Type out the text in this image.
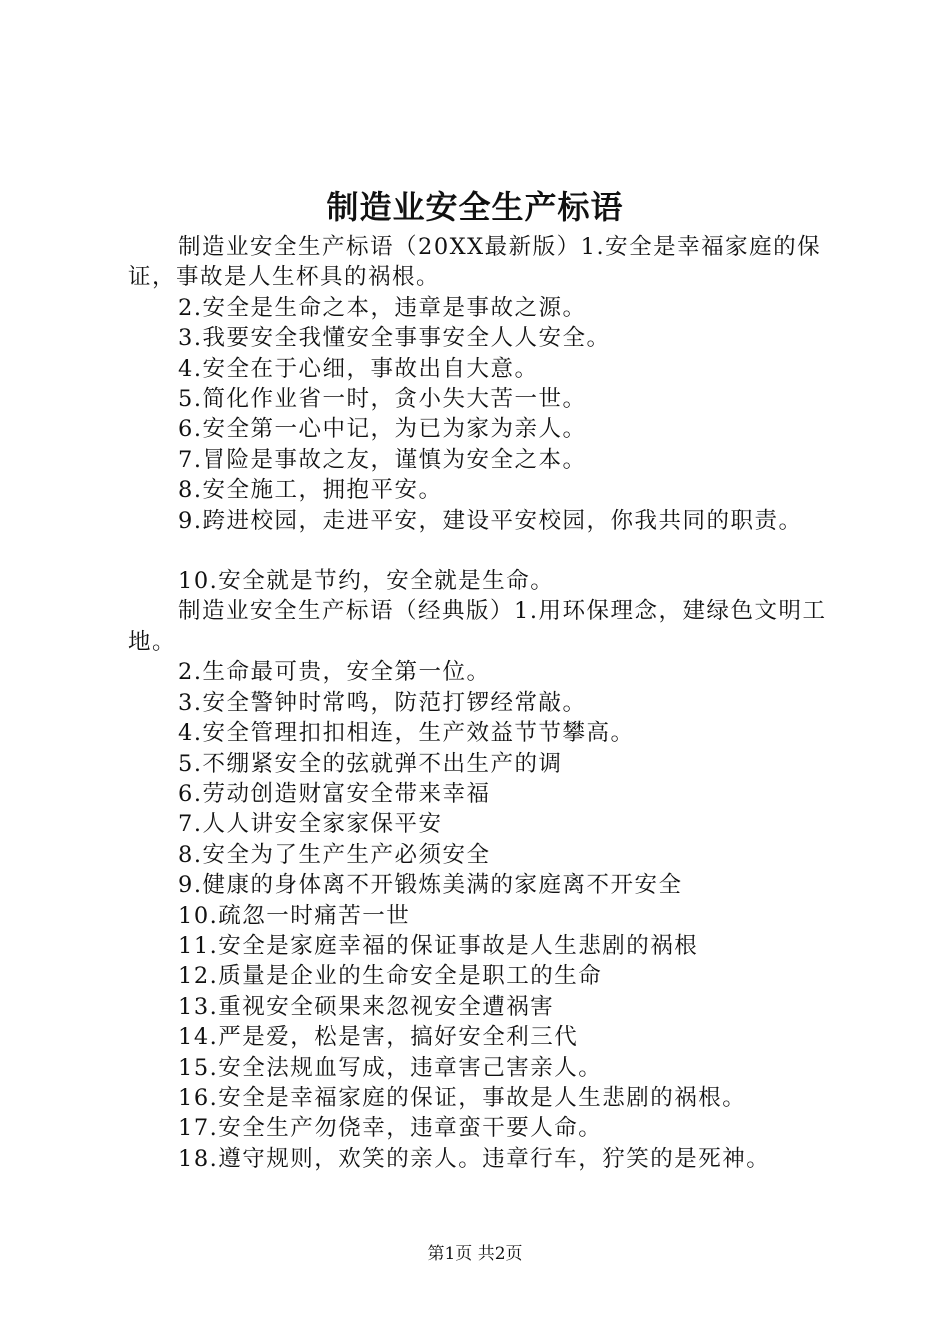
制造业安全生产标语

制造业安全生产标语（20XX最新版）1.安全是幸福家庭的保证，事故是人生杯具的祸根。

2.安全是生命之本，违章是事故之源。

3.我要安全我懂安全事事安全人人安全。

4.安全在于心细，事故出自大意。

5.简化作业省一时，贪小失大苦一世。

6.安全第一心中记，为已为家为亲人。

7.冒险是事故之友，谨慎为安全之本。

8.安全施工，拥抱平安。

9.跨进校园，走进平安，建设平安校园，你我共同的职责。

10.安全就是节约，安全就是生命。

制造业安全生产标语（经典版）1.用环保理念，建绿色文明工地。

2.生命最可贵，安全第一位。

3.安全警钟时常鸣，防范打锣经常敲。

4.安全管理扣扣相连，生产效益节节攀高。

5.不绷紧安全的弦就弹不出生产的调

6.劳动创造财富安全带来幸福

7.人人讲安全家家保平安

8.安全为了生产生产必须安全

9.健康的身体离不开锻炼美满的家庭离不开安全

10.疏忽一时痛苦一世

11.安全是家庭幸福的保证事故是人生悲剧的祸根

12.质量是企业的生命安全是职工的生命

13.重视安全硕果来忽视安全遭祸害

14.严是爱，松是害，搞好安全利三代

15.安全法规血写成，违章害己害亲人。

16.安全是幸福家庭的保证，事故是人生悲剧的祸根。

17.安全生产勿侥幸，违章蛮干要人命。

18.遵守规则，欢笑的亲人。违章行车，狞笑的是死神。

第1页 共2页
